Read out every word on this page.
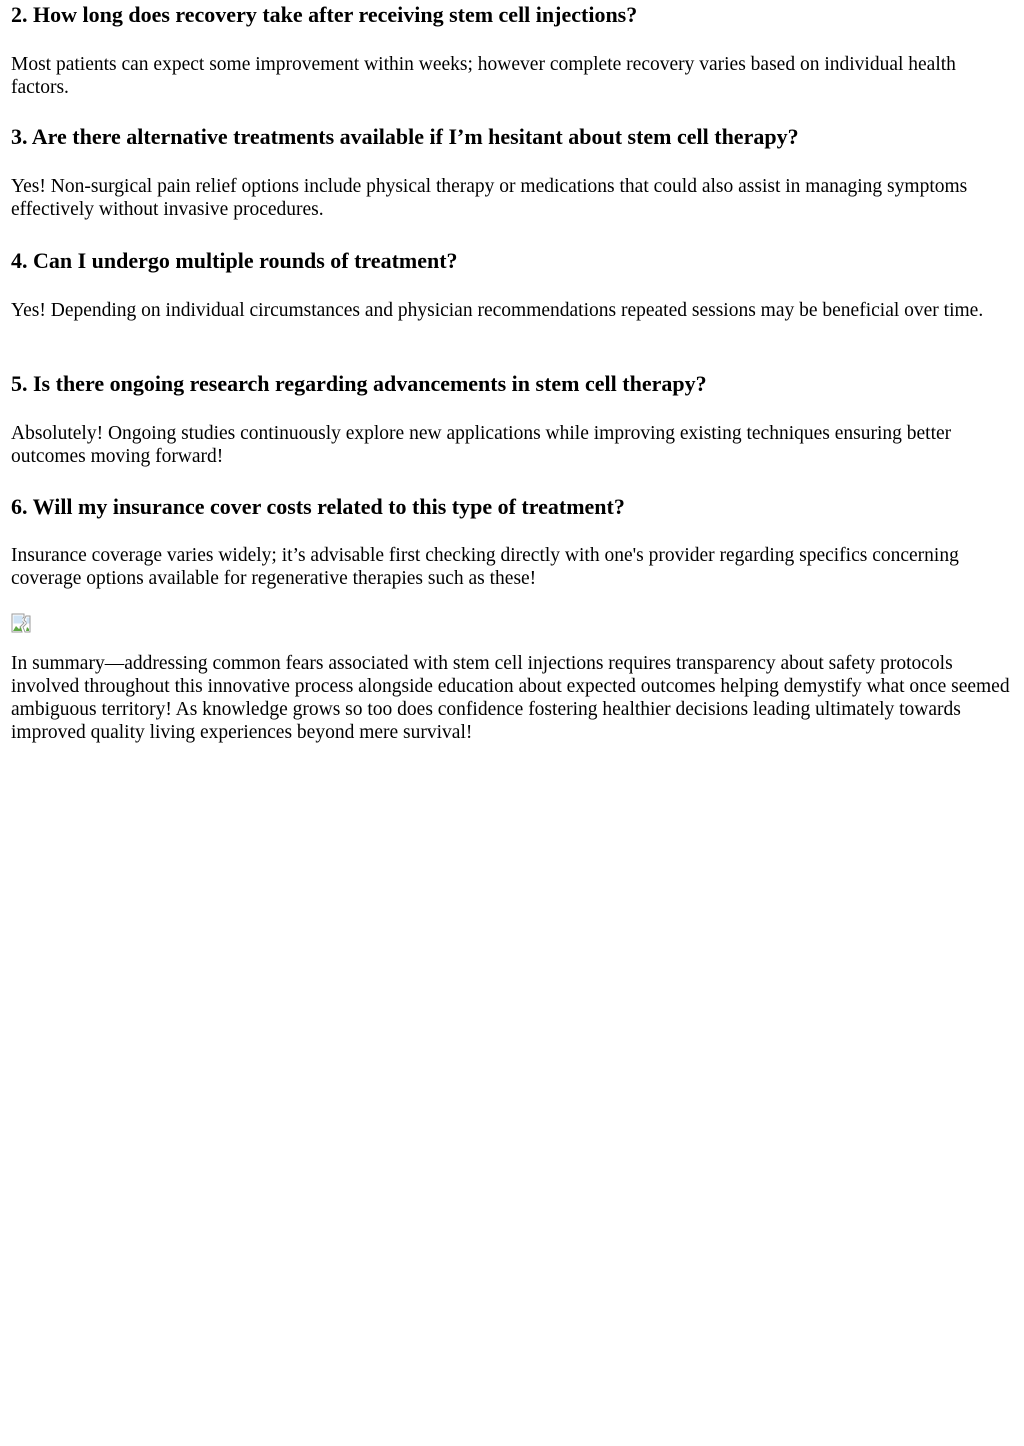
2. How long does recovery take after receiving stem cell injections?

Most patients can expect some improvement within weeks; however complete recovery varies based on individual health factors.

3. Are there alternative treatments available if I’m hesitant about stem cell therapy?

Yes! Non-surgical pain relief options include physical therapy or medications that could also assist in managing symptoms effectively without invasive procedures.

4. Can I undergo multiple rounds of treatment?

Yes! Depending on individual circumstances and physician recommendations repeated sessions may be beneficial over time.

5. Is there ongoing research regarding advancements in stem cell therapy?

Absolutely! Ongoing studies continuously explore new applications while improving existing techniques ensuring better outcomes moving forward!

6. Will my insurance cover costs related to this type of treatment?

Insurance coverage varies widely; it’s advisable first checking directly with one's provider regarding specifics concerning coverage options available for regenerative therapies such as these!

In summary—addressing common fears associated with stem cell injections requires transparency about safety protocols involved throughout this innovative process alongside education about expected outcomes helping demystify what once seemed ambiguous territory! As knowledge grows so too does confidence fostering healthier decisions leading ultimately towards improved quality living experiences beyond mere survival!
